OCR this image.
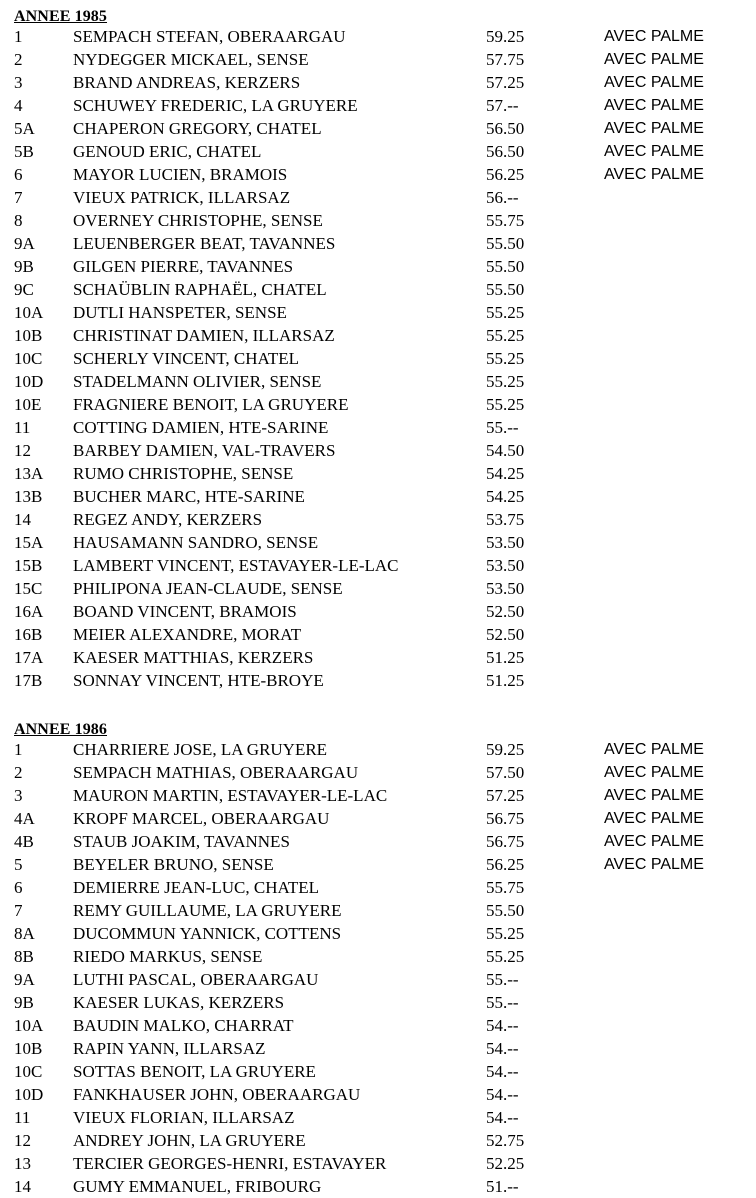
ANNEE 1985
1	SEMPACH STEFAN, OBERAARGAU	59.25	AVEC PALME
2	NYDEGGER MICKAEL, SENSE	57.75	AVEC PALME
3	BRAND ANDREAS, KERZERS	57.25	AVEC PALME
4	SCHUWEY FREDERIC, LA GRUYERE	57.--	AVEC PALME
5A CHAPERON GREGORY, CHATEL	56.50	AVEC PALME
5B GENOUD ERIC, CHATEL	56.50	AVEC PALME
6	MAYOR LUCIEN, BRAMOIS	56.25	AVEC PALME
7	VIEUX PATRICK, ILLARSAZ	56.--
8	OVERNEY CHRISTOPHE, SENSE	55.75
9A LEUENBERGER BEAT, TAVANNES	55.50
9B GILGEN PIERRE, TAVANNES	55.50
9C SCHAÜBLIN RAPHAËL, CHATEL	55.50
10A DUTLI HANSPETER, SENSE	55.25
10B CHRISTINAT DAMIEN, ILLARSAZ	55.25
10C SCHERLY VINCENT, CHATEL	55.25
10D STADELMANN OLIVIER, SENSE	55.25
10E FRAGNIERE BENOIT, LA GRUYERE	55.25
11	COTTING DAMIEN, HTE-SARINE	55.--
12 BARBEY DAMIEN, VAL-TRAVERS	54.50
13A RUMO CHRISTOPHE, SENSE	54.25
13B BUCHER MARC, HTE-SARINE	54.25
14 REGEZ ANDY, KERZERS	53.75
15A HAUSAMANN SANDRO, SENSE	53.50
15B LAMBERT VINCENT, ESTAVAYER-LE-LAC	53.50
15C PHILIPONA JEAN-CLAUDE, SENSE	53.50
16A BOAND VINCENT, BRAMOIS	52.50
16B MEIER ALEXANDRE, MORAT	52.50
17A KAESER MATTHIAS, KERZERS	51.25
17B SONNAY VINCENT, HTE-BROYE	51.25
ANNEE 1986
1	CHARRIERE JOSE, LA GRUYERE	59.25	AVEC PALME
2	SEMPACH MATHIAS, OBERAARGAU	57.50	AVEC PALME
3	MAURON MARTIN, ESTAVAYER-LE-LAC	57.25	AVEC PALME
4A KROPF MARCEL, OBERAARGAU	56.75	AVEC PALME
4B STAUB JOAKIM, TAVANNES	56.75	AVEC PALME
5	BEYELER BRUNO, SENSE	56.25	AVEC PALME
6	DEMIERRE JEAN-LUC, CHATEL	55.75
7	REMY GUILLAUME, LA GRUYERE	55.50
8A DUCOMMUN YANNICK, COTTENS	55.25
8B RIEDO MARKUS, SENSE	55.25
9A LUTHI PASCAL, OBERAARGAU	55.--
9B KAESER LUKAS, KERZERS	55.--
10A BAUDIN MALKO, CHARRAT	54.--
10B RAPIN YANN, ILLARSAZ	54.--
10C SOTTAS BENOIT, LA GRUYERE	54.--
10D FANKHAUSER JOHN, OBERAARGAU	54.--
11	VIEUX FLORIAN, ILLARSAZ	54.--
12 ANDREY JOHN, LA GRUYERE	52.75
13 TERCIER GEORGES-HENRI, ESTAVAYER	52.25
14 GUMY EMMANUEL, FRIBOURG	51.--
